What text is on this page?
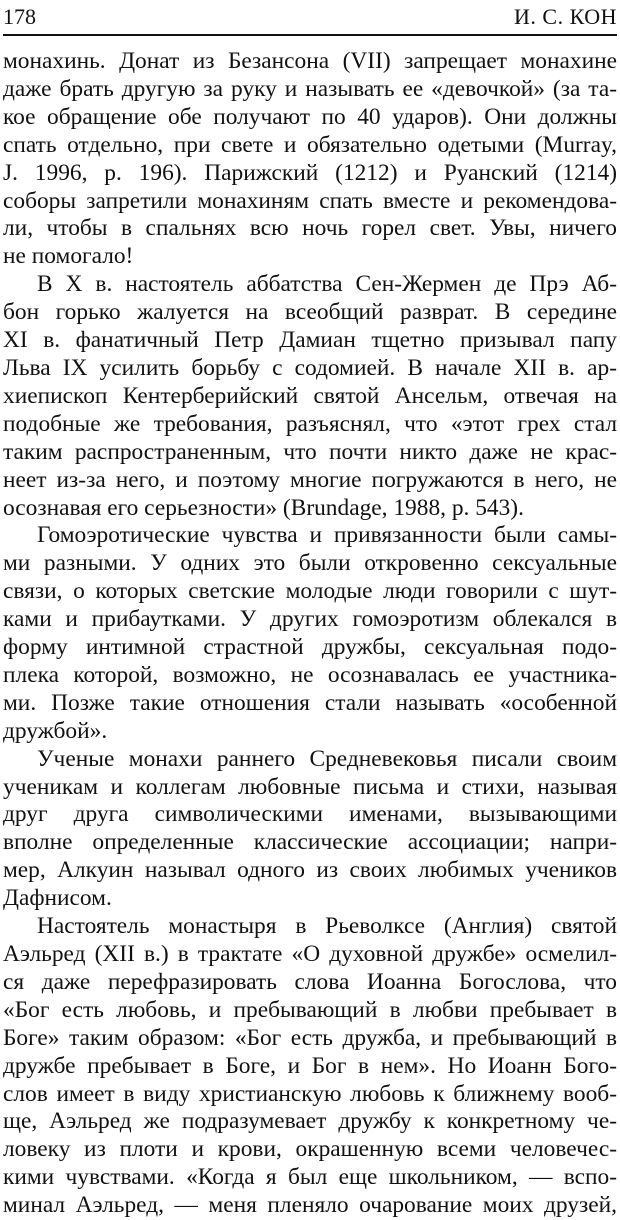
178	И. С. КОН
монахинь. Донат из Безансона (VII) запрещает монахине
даже брать другую за руку и называть ее «девочкой» (за та-
кое обращение обе получают по 40 ударов). Они должны
спать отдельно, при свете и обязательно одетыми (Murray,
J. 1996, p. 196). Парижский (1212) и Руанский (1214)
соборы запретили монахиням спать вместе и рекомендова-
ли, чтобы в спальнях всю ночь горел свет. Увы, ничего
не помогало!
В X в. настоятель аббатства Сен-Жермен де Прэ Аб-
бон горько жалуется на всеобщий разврат. В середине
XI в. фанатичный Петр Дамиан тщетно призывал папу
Льва IX усилить борьбу с содомией. В начале XII в. ар-
хиепископ Кентерберийский святой Ансельм, отвечая на
подобные же требования, разъяснял, что «этот грех стал
таким распространенным, что почти никто даже не крас-
неет из-за него, и поэтому многие погружаются в него, не
осознавая его серьезности» (Brundage, 1988, p. 543).
Гомоэротические чувства и привязанности были самы-
ми разными. У одних это были откровенно сексуальные
связи, о которых светские молодые люди говорили с шут-
ками и прибаутками. У других гомоэротизм облекался в
форму интимной страстной дружбы, сексуальная подо-
плека которой, возможно, не осознавалась ее участника-
ми. Позже такие отношения стали называть «особенной
дружбой».
Ученые монахи раннего Средневековья писали своим
ученикам и коллегам любовные письма и стихи, называя
друг друга символическими именами, вызывающими
вполне определенные классические ассоциации; напри-
мер, Алкуин называл одного из своих любимых учеников
Дафнисом.
Настоятель монастыря в Рьеволксе (Англия) святой
Аэльред (XII в.) в трактате «О духовной дружбе» осмелил-
ся даже перефразировать слова Иоанна Богослова, что
«Бог есть любовь, и пребывающий в любви пребывает в
Боге» таким образом: «Бог есть дружба, и пребывающий в
дружбе пребывает в Боге, и Бог в нем». Но Иоанн Бого-
слов имеет в виду христианскую любовь к ближнему вооб-
ще, Аэльред же подразумевает дружбу к конкретному че-
ловеку из плоти и крови, окрашенную всеми человечес-
кими чувствами. «Когда я был еще школьником, — вспо-
минал Аэльред, — меня пленяло очарование моих друзей,
